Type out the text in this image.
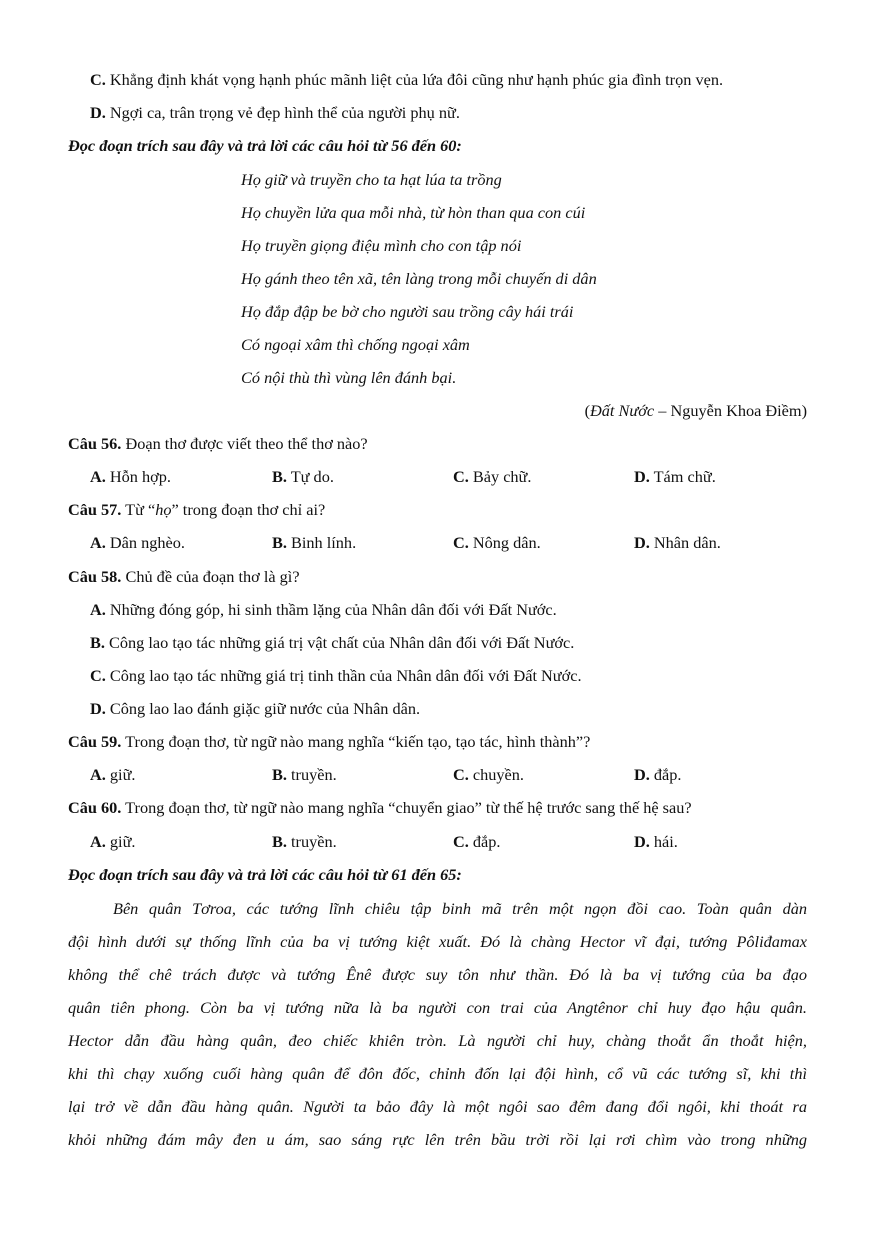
C. Khẳng định khát vọng hạnh phúc mãnh liệt của lứa đôi cũng như hạnh phúc gia đình trọn vẹn.
D. Ngợi ca, trân trọng vẻ đẹp hình thể của người phụ nữ.
Đọc đoạn trích sau đây và trả lời các câu hỏi từ 56 đến 60:
Họ giữ và truyền cho ta hạt lúa ta trồng
Họ chuyền lửa qua mỗi nhà, từ hòn than qua con cúi
Họ truyền giọng điệu mình cho con tập nói
Họ gánh theo tên xã, tên làng trong mỗi chuyến di dân
Họ đắp đập be bờ cho người sau trồng cây hái trái
Có ngoại xâm thì chống ngoại xâm
Có nội thù thì vùng lên đánh bại.
(Đất Nước – Nguyễn Khoa Điềm)
Câu 56. Đoạn thơ được viết theo thể thơ nào?
A. Hỗn hợp.	B. Tự do.	C. Bảy chữ.	D. Tám chữ.
Câu 57. Từ “họ” trong đoạn thơ chỉ ai?
A. Dân nghèo.	B. Binh lính.	C. Nông dân.	D. Nhân dân.
Câu 58. Chủ đề của đoạn thơ là gì?
A. Những đóng góp, hi sinh thầm lặng của Nhân dân đối với Đất Nước.
B. Công lao tạo tác những giá trị vật chất của Nhân dân đối với Đất Nước.
C. Công lao tạo tác những giá trị tinh thần của Nhân dân đối với Đất Nước.
D. Công lao lao đánh giặc giữ nước của Nhân dân.
Câu 59. Trong đoạn thơ, từ ngữ nào mang nghĩa “kiến tạo, tạo tác, hình thành”?
A. giữ.	B. truyền.	C. chuyền.	D. đắp.
Câu 60. Trong đoạn thơ, từ ngữ nào mang nghĩa “chuyển giao” từ thế hệ trước sang thế hệ sau?
A. giữ.	B. truyền.	C. đắp.	D. hái.
Đọc đoạn trích sau đây và trả lời các câu hỏi từ 61 đến 65:
Bên quân Tơroa, các tướng lĩnh chiêu tập binh mã trên một ngọn đồi cao. Toàn quân dàn
đội hình dưới sự thống lĩnh của ba vị tướng kiệt xuất. Đó là chàng Hector vĩ đại, tướng Pôliđamax
không thể chê trách được và tướng Ênê được suy tôn như thần. Đó là ba vị tướng của ba đạo
quân tiên phong. Còn ba vị tướng nữa là ba người con trai của Angtênor chỉ huy đạo hậu quân.
Hector dẫn đầu hàng quân, đeo chiếc khiên tròn. Là người chỉ huy, chàng thoắt ẩn thoắt hiện,
khi thì chạy xuống cuối hàng quân để đôn đốc, chỉnh đốn lại đội hình, cổ vũ các tướng sĩ, khi thì
lại trở về dẫn đầu hàng quân. Người ta bảo đây là một ngôi sao đêm đang đổi ngôi, khi thoát ra
khỏi những đám mây đen u ám, sao sáng rực lên trên bầu trời rồi lại rơi chìm vào trong những
